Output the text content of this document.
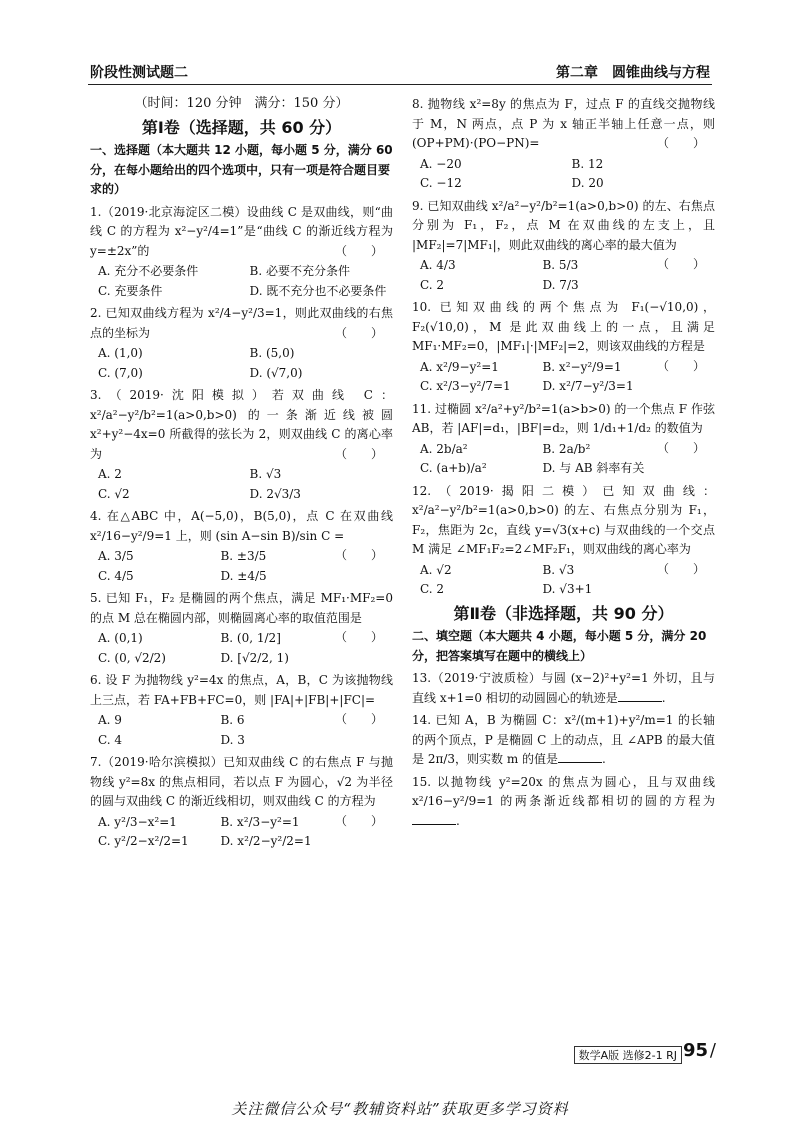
阶段性测试题二	第二章　圆锥曲线与方程
（时间：120 分钟　满分：150 分）
第Ⅰ卷（选择题，共 60 分）
一、选择题（本大题共 12 小题，每小题 5 分，满分 60 分，在每小题给出的四个选项中，只有一项是符合题目要求的）
1.（2019·北京海淀区二模）设曲线 C 是双曲线，则“曲线 C 的方程为 x²−y²/4=1”是“曲线 C 的渐近线方程为 y=±2x”的	（　　）
A. 充分不必要条件	B. 必要不充分条件
C. 充要条件	D. 既不充分也不必要条件
2. 已知双曲线方程为 x²/4−y²/3=1，则此双曲线的右焦点的坐标为	（　　）
A. (1,0)	B. (5,0)
C. (7,0)	D. (√7,0)
3.（2019·沈阳模拟）若双曲线 C：x²/a²−y²/b²=1(a>0,b>0) 的一条渐近线被圆 x²+y²−4x=0 所截得的弦长为 2，则双曲线 C 的离心率为	（　　）
A. 2	B. √3
C. √2	D. 2√3/3
4. 在△ABC 中，A(−5,0)，B(5,0)，点 C 在双曲线 x²/16−y²/9=1 上，则 (sin A−sin B)/sin C =
（　　）
A. 3/5	B. ±3/5
C. 4/5	D. ±4/5
5. 已知 F₁，F₂ 是椭圆的两个焦点，满足 MF₁·MF₂=0 的点 M 总在椭圆内部，则椭圆离心率的取值范围是
（　　）
A. (0,1)	B. (0, 1/2]
C. (0, √2/2)	D. [√2/2, 1)
6. 设 F 为抛物线 y²=4x 的焦点，A，B，C 为该抛物线上三点，若 FA+FB+FC=0，则 |FA|+|FB|+|FC|=
（　　）
A. 9	B. 6
C. 4	D. 3
7.（2019·哈尔滨模拟）已知双曲线 C 的右焦点 F 与抛物线 y²=8x 的焦点相同，若以点 F 为圆心，√2 为半径的圆与双曲线 C 的渐近线相切，则双曲线 C 的方程为
（　　）
A. y²/3−x²=1	B. x²/3−y²=1
C. y²/2−x²/2=1	D. x²/2−y²/2=1
8. 抛物线 x²=8y 的焦点为 F，过点 F 的直线交抛物线于 M，N 两点，点 P 为 x 轴正半轴上任意一点，则 (OP+PM)·(PO−PN)=	（　　）
A. −20	B. 12
C. −12	D. 20
9. 已知双曲线 x²/a²−y²/b²=1(a>0,b>0) 的左、右焦点分别为 F₁，F₂，点 M 在双曲线的左支上，且 |MF₂|=7|MF₁|，则此双曲线的离心率的最大值为
（　　）
A. 4/3	B. 5/3
C. 2	D. 7/3
10. 已知双曲线的两个焦点为 F₁(−√10,0)，F₂(√10,0)，M 是此双曲线上的一点，且满足 MF₁·MF₂=0，|MF₁|·|MF₂|=2，则该双曲线的方程是
（　　）
A. x²/9−y²=1	B. x²−y²/9=1
C. x²/3−y²/7=1	D. x²/7−y²/3=1
11. 过椭圆 x²/a²+y²/b²=1(a>b>0) 的一个焦点 F 作弦 AB，若 |AF|=d₁，|BF|=d₂，则 1/d₁+1/d₂ 的数值为
（　　）
A. 2b/a²	B. 2a/b²
C. (a+b)/a²	D. 与 AB 斜率有关
12.（2019·揭阳二模）已知双曲线：x²/a²−y²/b²=1(a>0,b>0) 的左、右焦点分别为 F₁，F₂，焦距为 2c，直线 y=√3(x+c) 与双曲线的一个交点 M 满足 ∠MF₁F₂=2∠MF₂F₁，则双曲线的离心率为
（　　）
A. √2	B. √3
C. 2	D. √3+1
第Ⅱ卷（非选择题，共 90 分）
二、填空题（本大题共 4 小题，每小题 5 分，满分 20 分，把答案填写在题中的横线上）
13.（2019·宁波质检）与圆 (x−2)²+y²=1 外切，且与直线 x+1=0 相切的动圆圆心的轨迹是	.
14. 已知 A，B 为椭圆 C：x²/(m+1)+y²/m=1 的长轴的两个顶点，P 是椭圆 C 上的动点，且 ∠APB 的最大值是 2π/3，则实数 m 的值是	.
15. 以抛物线 y²=20x 的焦点为圆心，且与双曲线 x²/16−y²/9=1 的两条渐近线都相切的圆的方程为.
数学A版 选修2-1 RJ 95 /
关注微信公众号“教辅资料站”获取更多学习资料
